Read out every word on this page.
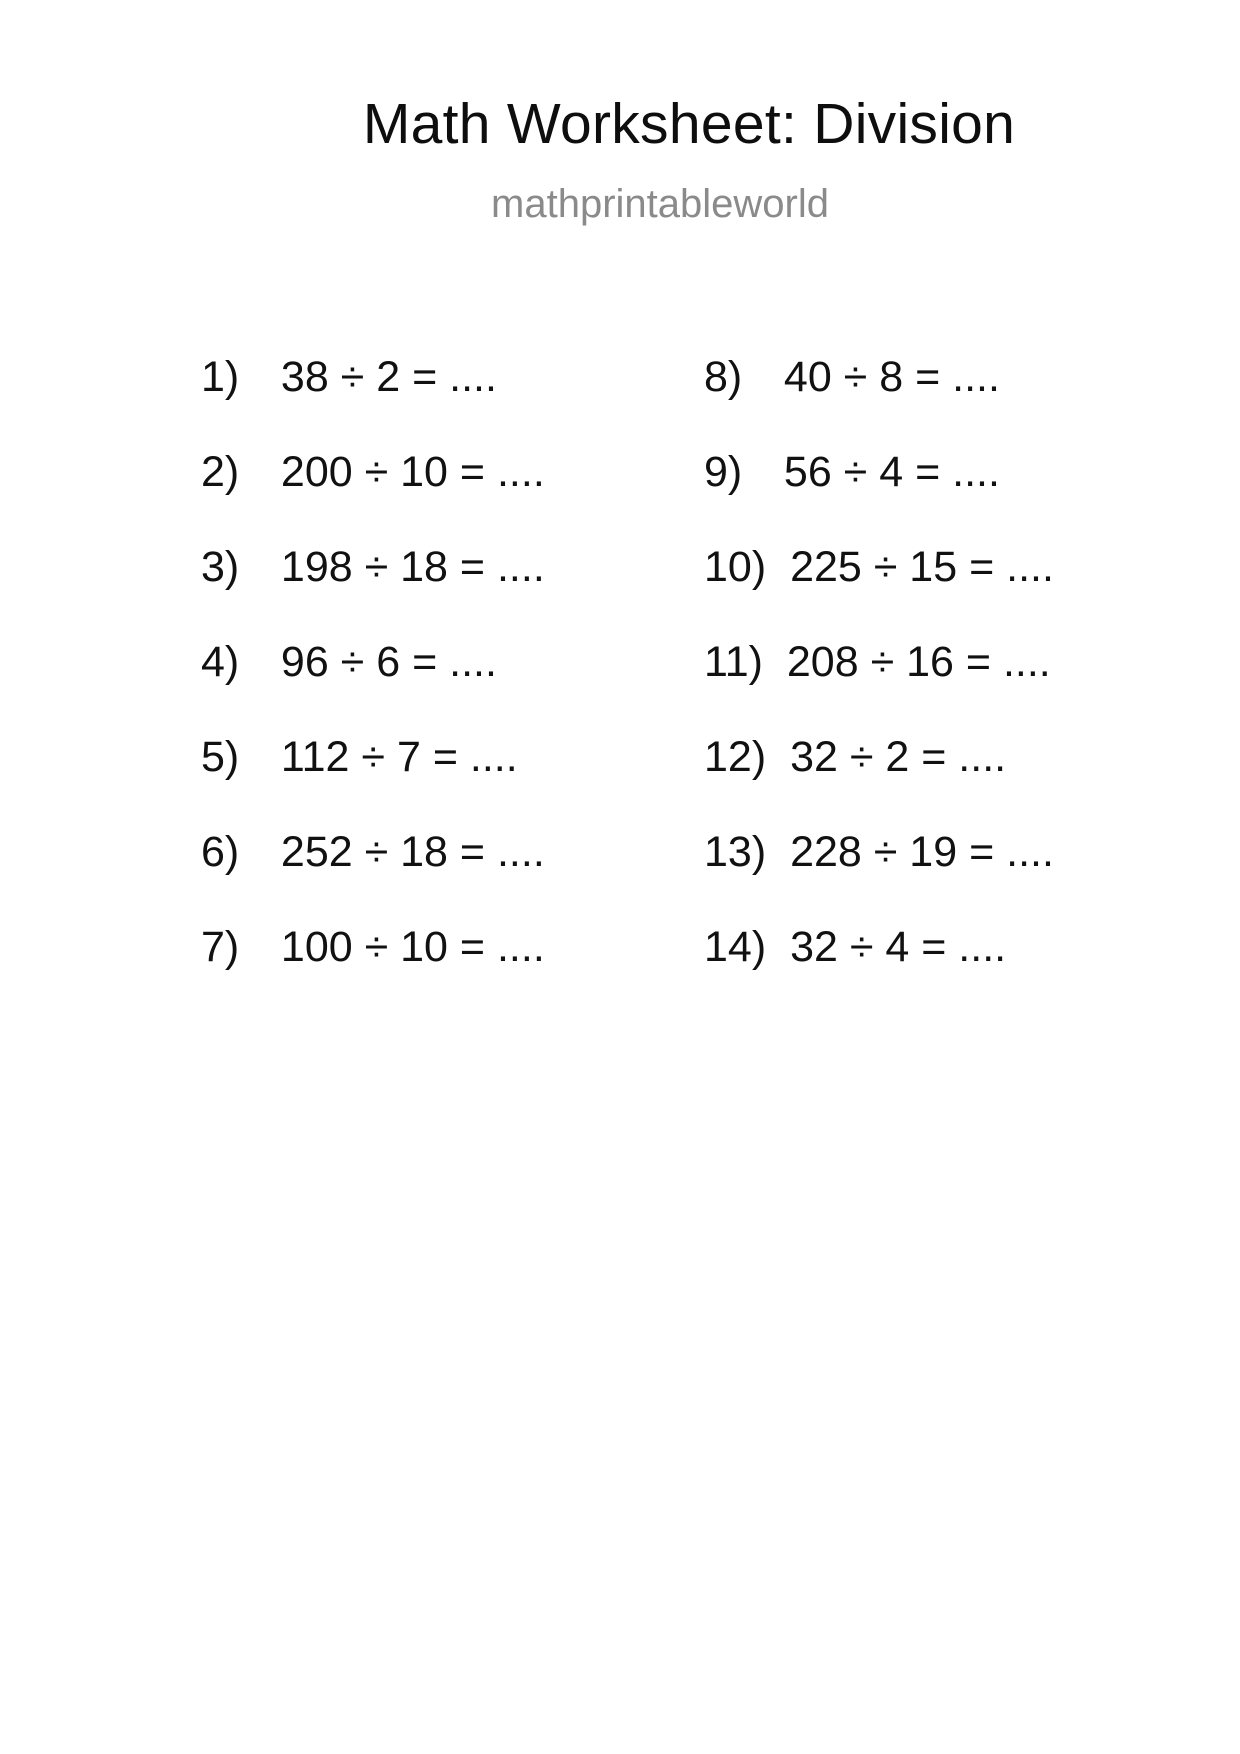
Math Worksheet: Division
mathprintableworld
1) 38 ÷ 2 = ....
2) 200 ÷ 10 = ....
3) 198 ÷ 18 = ....
4) 96 ÷ 6 = ....
5) 112 ÷ 7 = ....
6) 252 ÷ 18 = ....
7) 100 ÷ 10 = ....
8) 40 ÷ 8 = ....
9) 56 ÷ 4 = ....
10) 225 ÷ 15 = ....
11) 208 ÷ 16 = ....
12) 32 ÷ 2 = ....
13) 228 ÷ 19 = ....
14) 32 ÷ 4 = ....
